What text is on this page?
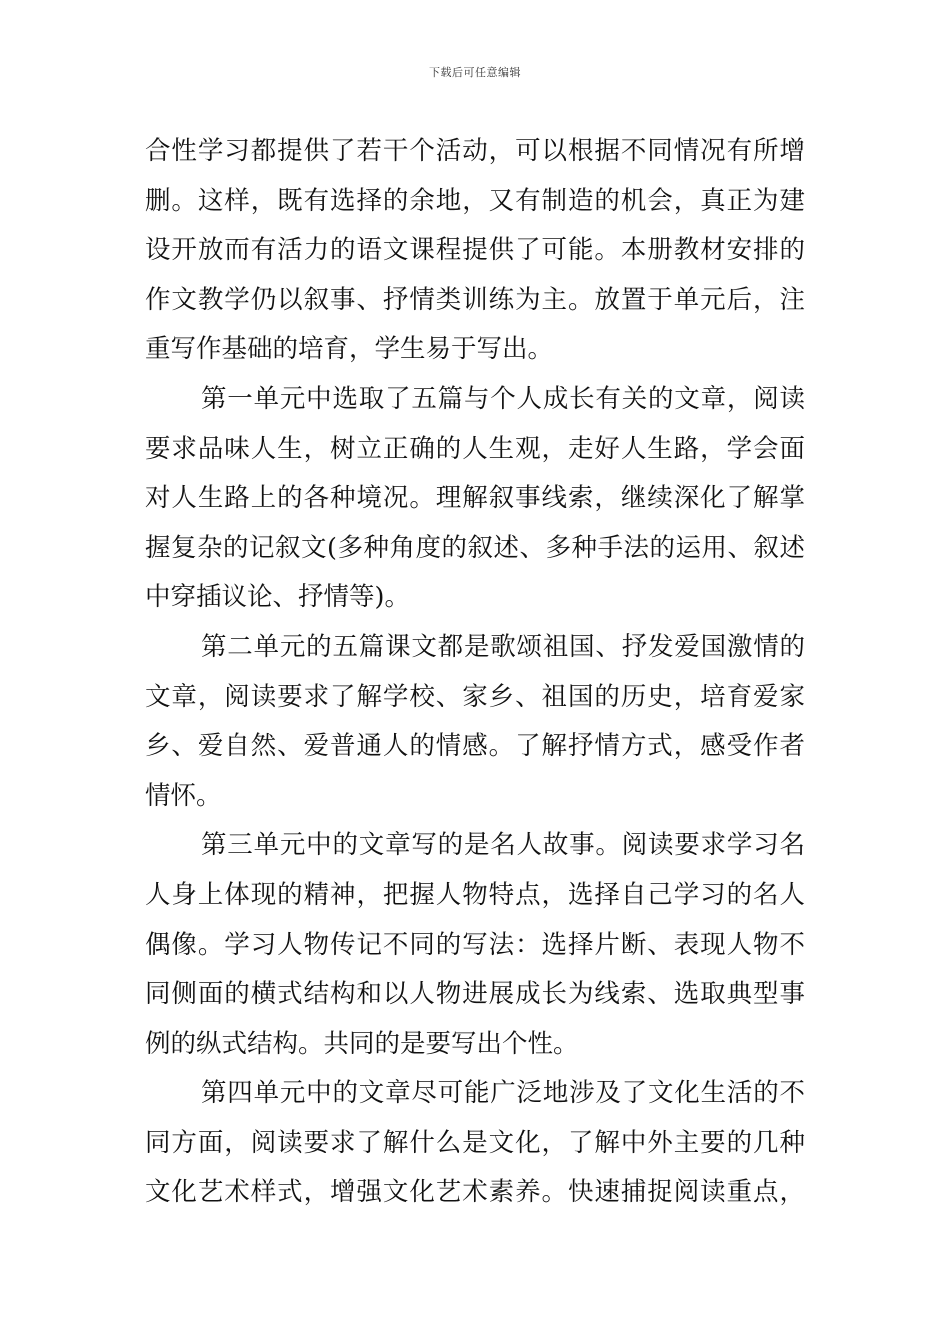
下载后可任意编辑
合性学习都提供了若干个活动，可以根据不同情况有所增
删。这样，既有选择的余地，又有制造的机会，真正为建
设开放而有活力的语文课程提供了可能。本册教材安排的
作文教学仍以叙事、抒情类训练为主。放置于单元后，注
重写作基础的培育，学生易于写出。
第一单元中选取了五篇与个人成长有关的文章，阅读
要求品味人生，树立正确的人生观，走好人生路，学会面
对人生路上的各种境况。理解叙事线索，继续深化了解掌
握复杂的记叙文(多种角度的叙述、多种手法的运用、叙述
中穿插议论、抒情等)。
第二单元的五篇课文都是歌颂祖国、抒发爱国激情的
文章，阅读要求了解学校、家乡、祖国的历史，培育爱家
乡、爱自然、爱普通人的情感。了解抒情方式，感受作者
情怀。
第三单元中的文章写的是名人故事。阅读要求学习名
人身上体现的精神，把握人物特点，选择自己学习的名人
偶像。学习人物传记不同的写法：选择片断、表现人物不
同侧面的横式结构和以人物进展成长为线索、选取典型事
例的纵式结构。共同的是要写出个性。
第四单元中的文章尽可能广泛地涉及了文化生活的不
同方面，阅读要求了解什么是文化，了解中外主要的几种
文化艺术样式，增强文化艺术素养。快速捕捉阅读重点，
